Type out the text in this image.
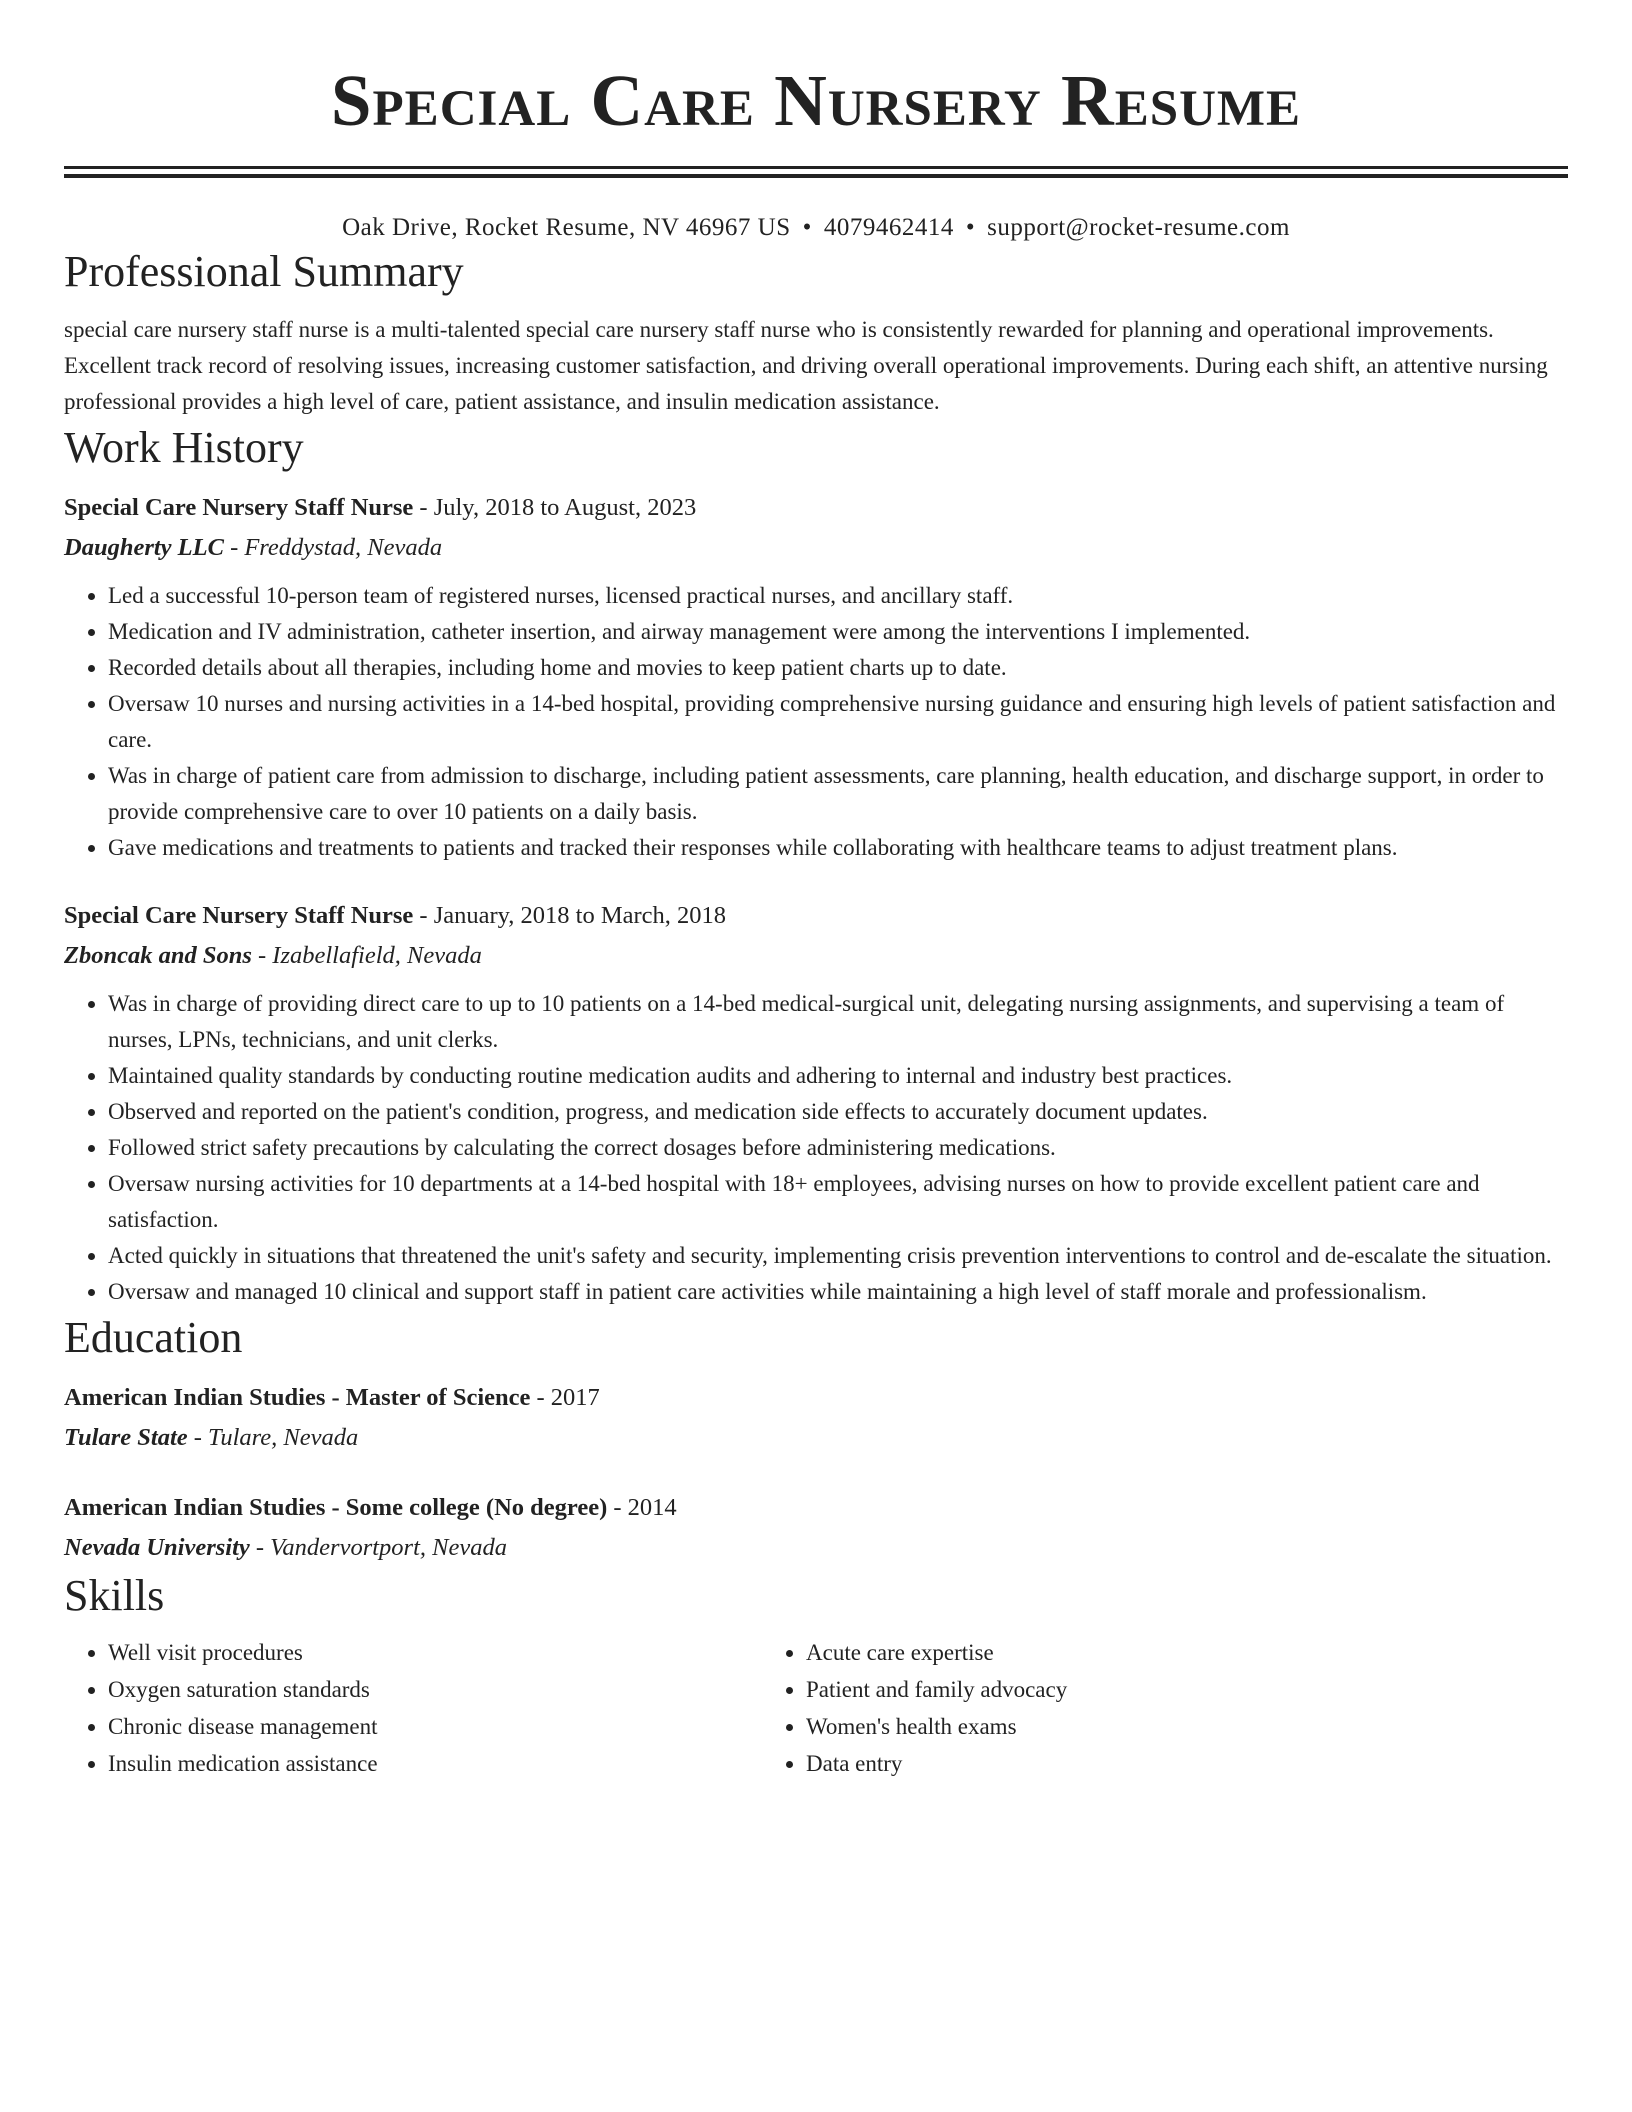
Special Care Nursery Resume
Oak Drive, Rocket Resume, NV 46967 US • 4079462414 • support@rocket-resume.com
Professional Summary

special care nursery staff nurse is a multi-talented special care nursery staff nurse who is consistently rewarded for planning and operational improvements. Excellent track record of resolving issues, increasing customer satisfaction, and driving overall operational improvements. During each shift, an attentive nursing professional provides a high level of care, patient assistance, and insulin medication assistance.

Work History
Special Care Nursery Staff Nurse - July, 2018 to August, 2023
Daugherty LLC - Freddystad, Nevada
• Led a successful 10-person team of registered nurses, licensed practical nurses, and ancillary staff.
• Medication and IV administration, catheter insertion, and airway management were among the interventions I implemented.
• Recorded details about all therapies, including home and movies to keep patient charts up to date.
• Oversaw 10 nurses and nursing activities in a 14-bed hospital, providing comprehensive nursing guidance and ensuring high levels of patient satisfaction and care.
• Was in charge of patient care from admission to discharge, including patient assessments, care planning, health education, and discharge support, in order to provide comprehensive care to over 10 patients on a daily basis.
• Gave medications and treatments to patients and tracked their responses while collaborating with healthcare teams to adjust treatment plans.
Special Care Nursery Staff Nurse - January, 2018 to March, 2018
Zboncak and Sons - Izabellafield, Nevada
• Was in charge of providing direct care to up to 10 patients on a 14-bed medical-surgical unit, delegating nursing assignments, and supervising a team of nurses, LPNs, technicians, and unit clerks.
• Maintained quality standards by conducting routine medication audits and adhering to internal and industry best practices.
• Observed and reported on the patient's condition, progress, and medication side effects to accurately document updates.
• Followed strict safety precautions by calculating the correct dosages before administering medications.
• Oversaw nursing activities for 10 departments at a 14-bed hospital with 18+ employees, advising nurses on how to provide excellent patient care and satisfaction.
• Acted quickly in situations that threatened the unit's safety and security, implementing crisis prevention interventions to control and de-escalate the situation.
• Oversaw and managed 10 clinical and support staff in patient care activities while maintaining a high level of staff morale and professionalism.
Education
American Indian Studies - Master of Science - 2017
Tulare State - Tulare, Nevada
American Indian Studies - Some college (No degree) - 2014
Nevada University - Vandervortport, Nevada
Skills
• Well visit procedures
• Oxygen saturation standards
• Chronic disease management
• Insulin medication assistance
• Acute care expertise
• Patient and family advocacy
• Women's health exams
• Data entry
